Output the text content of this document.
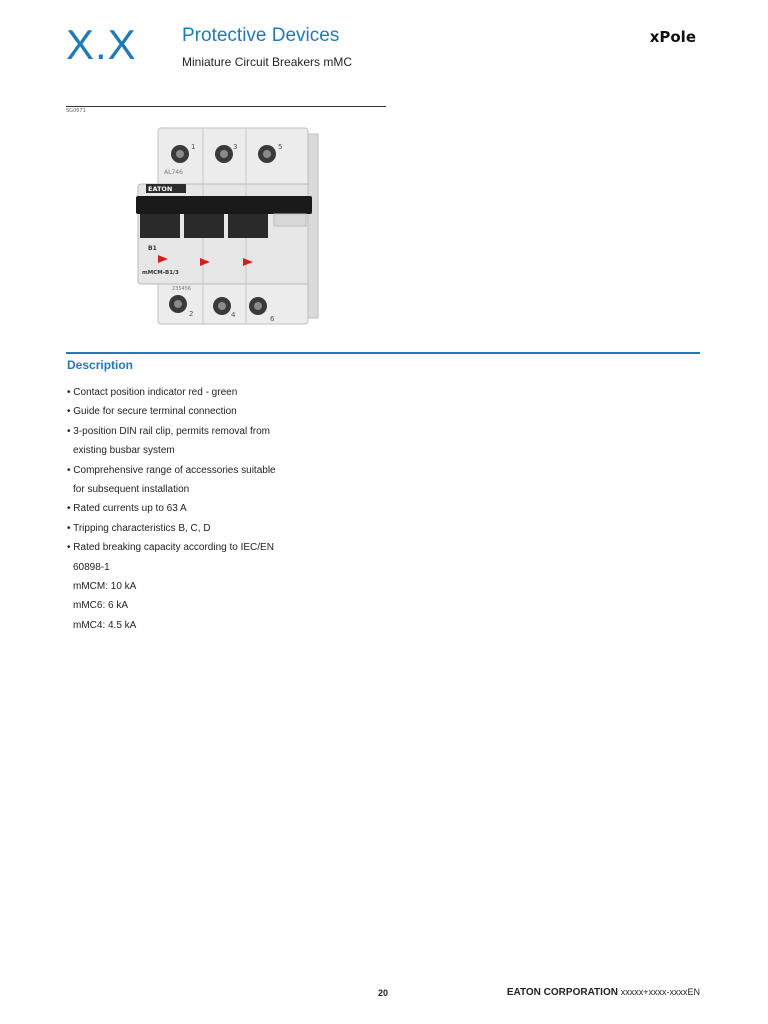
X.X Protective Devices
Miniature Circuit Breakers mMC
xPole
SG0671
1	3	5
AL746
EATON
B1
mMCM-B1/3
235456
2	4	6
Description
• Contact position indicator red - green
• Guide for secure terminal connection
• 3-position DIN rail clip, permits removal from
existing busbar system
• Comprehensive range of accessories suitable
for subsequent installation
• Rated currents up to 63 A
• Tripping characteristics B, C, D
• Rated breaking capacity according to IEC/EN
60898-1
mMCM: 10 kA
mMC6: 6 kA
mMC4: 4.5 kA
20	EATON CORPORATION xxxxx+xxxx-xxxxEN
